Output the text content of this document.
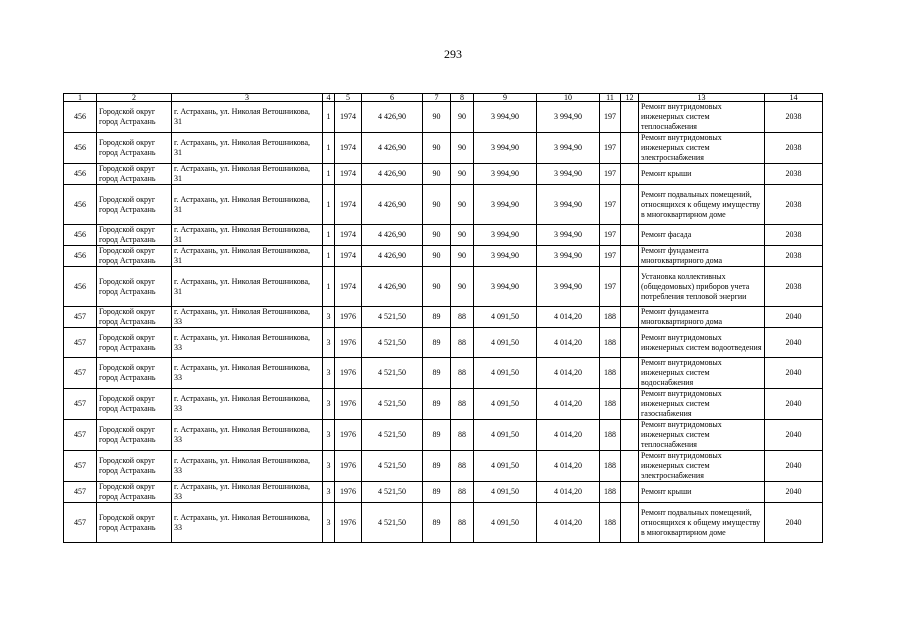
293
1	2	3	4	5	6	7	8	9	10	11	12	13	14
456	Городской округ город Астрахань	г. Астрахань, ул. Николая Ветошникова, 31	1	1974	4 426,90	90	90	3 994,90	3 994,90	197		Ремонт внутридомовых инженерных систем теплоснабжения	2038
456	Городской округ город Астрахань	г. Астрахань, ул. Николая Ветошникова, 31	1	1974	4 426,90	90	90	3 994,90	3 994,90	197		Ремонт внутридомовых инженерных систем электроснабжения	2038
456	Городской округ город Астрахань	г. Астрахань, ул. Николая Ветошникова, 31	1	1974	4 426,90	90	90	3 994,90	3 994,90	197		Ремонт крыши	2038
456	Городской округ город Астрахань	г. Астрахань, ул. Николая Ветошникова, 31	1	1974	4 426,90	90	90	3 994,90	3 994,90	197		Ремонт подвальных помещений, относящихся к общему имуществу в многоквартирном доме	2038
456	Городской округ город Астрахань	г. Астрахань, ул. Николая Ветошникова, 31	1	1974	4 426,90	90	90	3 994,90	3 994,90	197		Ремонт фасада	2038
456	Городской округ город Астрахань	г. Астрахань, ул. Николая Ветошникова, 31	1	1974	4 426,90	90	90	3 994,90	3 994,90	197		Ремонт фундамента многоквартирного дома	2038
456	Городской округ город Астрахань	г. Астрахань, ул. Николая Ветошникова, 31	1	1974	4 426,90	90	90	3 994,90	3 994,90	197		Установка коллективных (общедомовых) приборов учета потребления тепловой энергии	2038
457	Городской округ город Астрахань	г. Астрахань, ул. Николая Ветошникова, 33	3	1976	4 521,50	89	88	4 091,50	4 014,20	188		Ремонт фундамента многоквартирного дома	2040
457	Городской округ город Астрахань	г. Астрахань, ул. Николая Ветошникова, 33	3	1976	4 521,50	89	88	4 091,50	4 014,20	188		Ремонт внутридомовых инженерных систем водоотведения	2040
457	Городской округ город Астрахань	г. Астрахань, ул. Николая Ветошникова, 33	3	1976	4 521,50	89	88	4 091,50	4 014,20	188		Ремонт внутридомовых инженерных систем водоснабжения	2040
457	Городской округ город Астрахань	г. Астрахань, ул. Николая Ветошникова, 33	3	1976	4 521,50	89	88	4 091,50	4 014,20	188		Ремонт внутридомовых инженерных систем газоснабжения	2040
457	Городской округ город Астрахань	г. Астрахань, ул. Николая Ветошникова, 33	3	1976	4 521,50	89	88	4 091,50	4 014,20	188		Ремонт внутридомовых инженерных систем теплоснабжения	2040
457	Городской округ город Астрахань	г. Астрахань, ул. Николая Ветошникова, 33	3	1976	4 521,50	89	88	4 091,50	4 014,20	188		Ремонт внутридомовых инженерных систем электроснабжения	2040
457	Городской округ город Астрахань	г. Астрахань, ул. Николая Ветошникова, 33	3	1976	4 521,50	89	88	4 091,50	4 014,20	188		Ремонт крыши	2040
457	Городской округ город Астрахань	г. Астрахань, ул. Николая Ветошникова, 33	3	1976	4 521,50	89	88	4 091,50	4 014,20	188		Ремонт подвальных помещений, относящихся к общему имуществу в многоквартирном доме	2040
